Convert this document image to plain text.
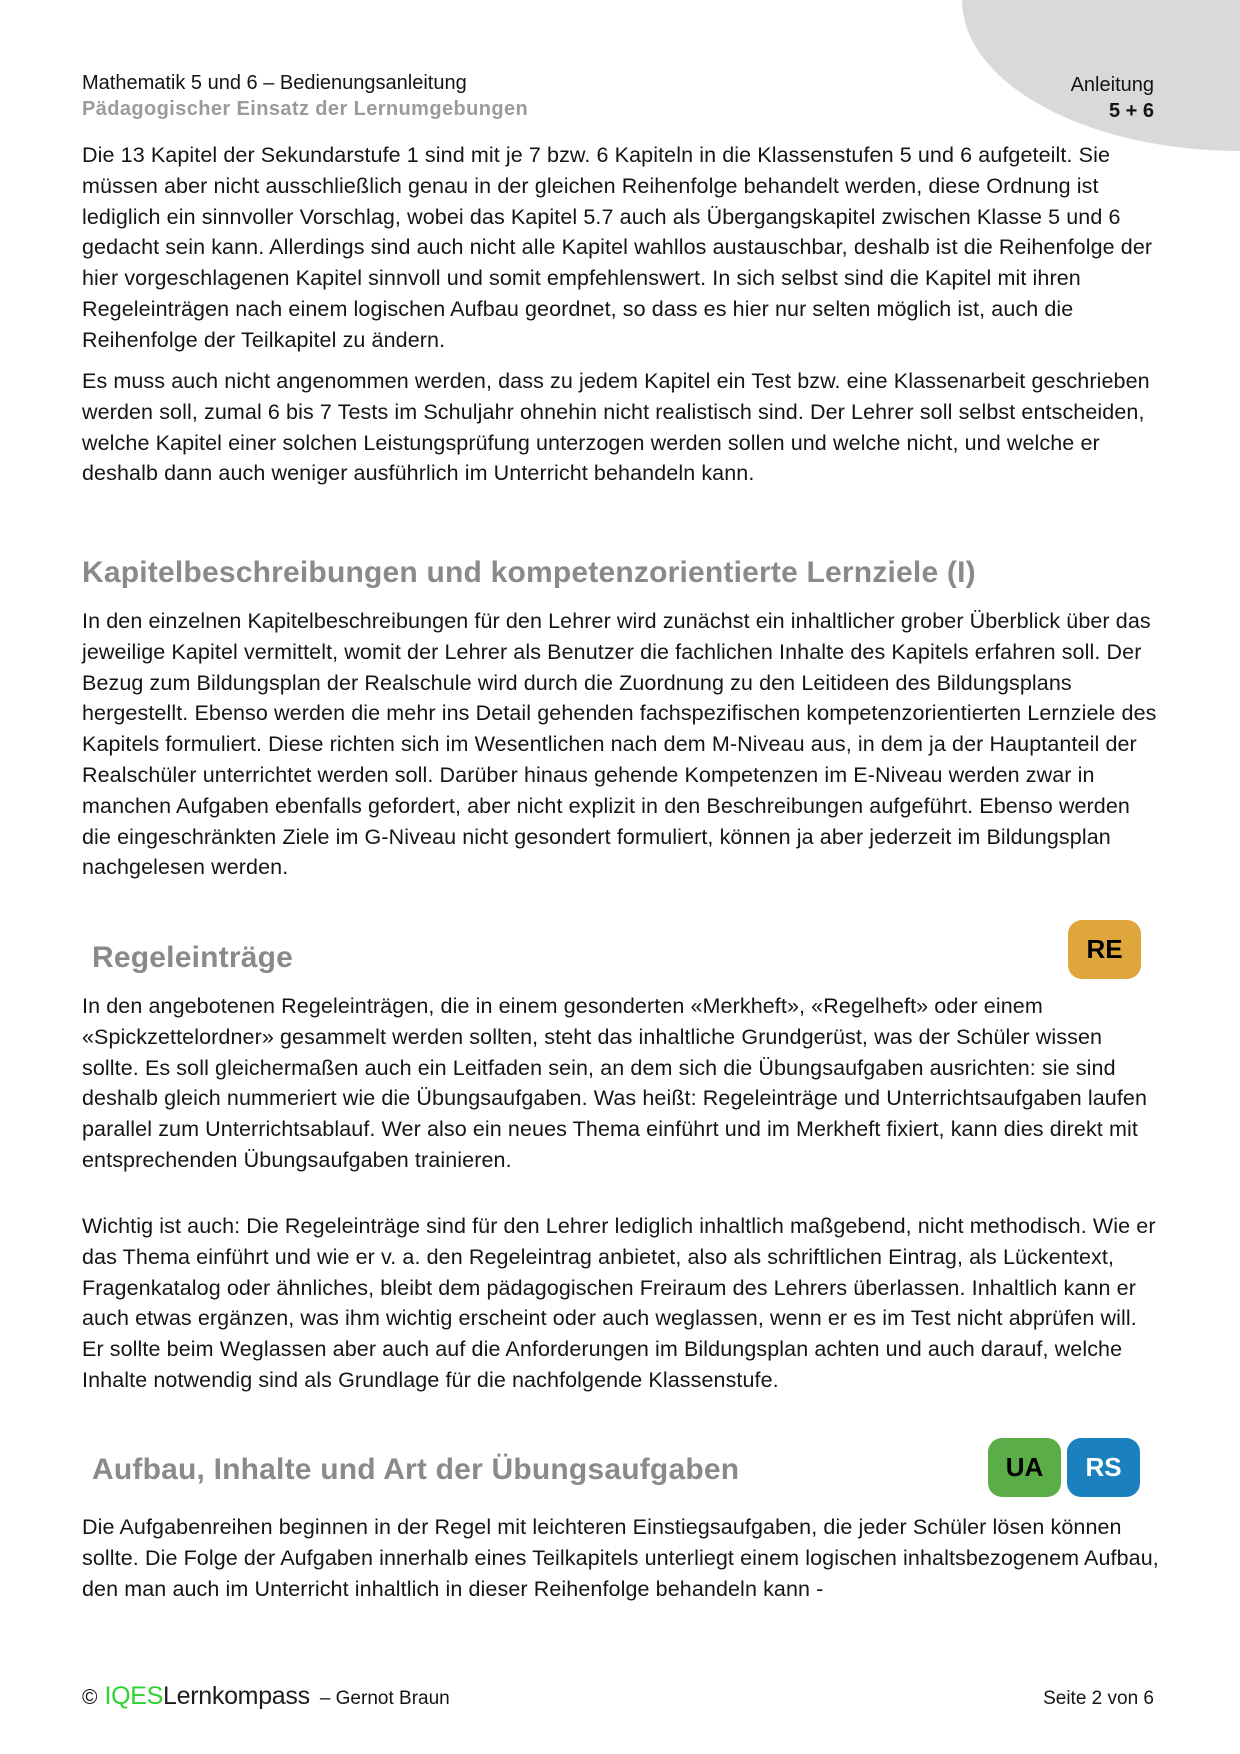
Mathematik 5 und 6 – Bedienungsanleitung
Pädagogischer Einsatz der Lernumgebungen
Anleitung
5 + 6

Die 13 Kapitel der Sekundarstufe 1 sind mit je 7 bzw. 6 Kapiteln in die Klassenstufen 5 und 6 aufgeteilt. Sie müssen aber nicht ausschließlich genau in der gleichen Reihenfolge behandelt werden, diese Ordnung ist lediglich ein sinnvoller Vorschlag, wobei das Kapitel 5.7 auch als Übergangskapitel zwischen Klasse 5 und 6 gedacht sein kann. Allerdings sind auch nicht alle Kapitel wahllos austauschbar, deshalb ist die Reihenfolge der hier vorgeschlagenen Kapitel sinnvoll und somit empfehlenswert. In sich selbst sind die Kapitel mit ihren Regeleinträgen nach einem logischen Aufbau geordnet, so dass es hier nur selten möglich ist, auch die Reihenfolge der Teilkapitel zu ändern.

Es muss auch nicht angenommen werden, dass zu jedem Kapitel ein Test bzw. eine Klassenarbeit geschrieben werden soll, zumal 6 bis 7 Tests im Schuljahr ohnehin nicht realistisch sind. Der Lehrer soll selbst entscheiden, welche Kapitel einer solchen Leistungsprüfung unterzogen werden sollen und welche nicht, und welche er deshalb dann auch weniger ausführlich im Unterricht behandeln kann.

Kapitelbeschreibungen und kompetenzorientierte Lernziele (I)

In den einzelnen Kapitelbeschreibungen für den Lehrer wird zunächst ein inhaltlicher grober Überblick über das jeweilige Kapitel vermittelt, womit der Lehrer als Benutzer die fachlichen Inhalte des Kapitels erfahren soll. Der Bezug zum Bildungsplan der Realschule wird durch die Zuordnung zu den Leitideen des Bildungsplans hergestellt. Ebenso werden die mehr ins Detail gehenden fachspezifischen kompetenzorientierten Lernziele des Kapitels formuliert. Diese richten sich im Wesentlichen nach dem M-Niveau aus, in dem ja der Hauptanteil der Realschüler unterrichtet werden soll. Darüber hinaus gehende Kompetenzen im E-Niveau werden zwar in manchen Aufgaben ebenfalls gefordert, aber nicht explizit in den Beschreibungen aufgeführt. Ebenso werden die eingeschränkten Ziele im G-Niveau nicht gesondert formuliert, können ja aber jederzeit im Bildungsplan nachgelesen werden.

RE
Regeleinträge

In den angebotenen Regeleinträgen, die in einem gesonderten «Merkheft», «Regelheft» oder einem «Spickzettelordner» gesammelt werden sollten, steht das inhaltliche Grundgerüst, was der Schüler wissen sollte. Es soll gleichermaßen auch ein Leitfaden sein, an dem sich die Übungsaufgaben ausrichten: sie sind deshalb gleich nummeriert wie die Übungsaufgaben. Was heißt: Regeleinträge und Unterrichtsaufgaben laufen parallel zum Unterrichtsablauf. Wer also ein neues Thema einführt und im Merkheft fixiert, kann dies direkt mit entsprechenden Übungsaufgaben trainieren.

Wichtig ist auch: Die Regeleinträge sind für den Lehrer lediglich inhaltlich maßgebend, nicht methodisch. Wie er das Thema einführt und wie er v. a. den Regeleintrag anbietet, also als schriftlichen Eintrag, als Lückentext, Fragenkatalog oder ähnliches, bleibt dem pädagogischen Freiraum des Lehrers überlassen. Inhaltlich kann er auch etwas ergänzen, was ihm wichtig erscheint oder auch weglassen, wenn er es im Test nicht abprüfen will. Er sollte beim Weglassen aber auch auf die Anforderungen im Bildungsplan achten und auch darauf, welche Inhalte notwendig sind als Grundlage für die nachfolgende Klassenstufe.

UA	RS
Aufbau, Inhalte und Art der Übungsaufgaben

Die Aufgabenreihen beginnen in der Regel mit leichteren Einstiegsaufgaben, die jeder Schüler lösen können sollte. Die Folge der Aufgaben innerhalb eines Teilkapitels unterliegt einem logischen inhaltsbezogenem Aufbau, den man auch im Unterricht inhaltlich in dieser Reihenfolge behandeln kann -

© IQES Lernkompass – Gernot Braun	Seite 2 von 6
